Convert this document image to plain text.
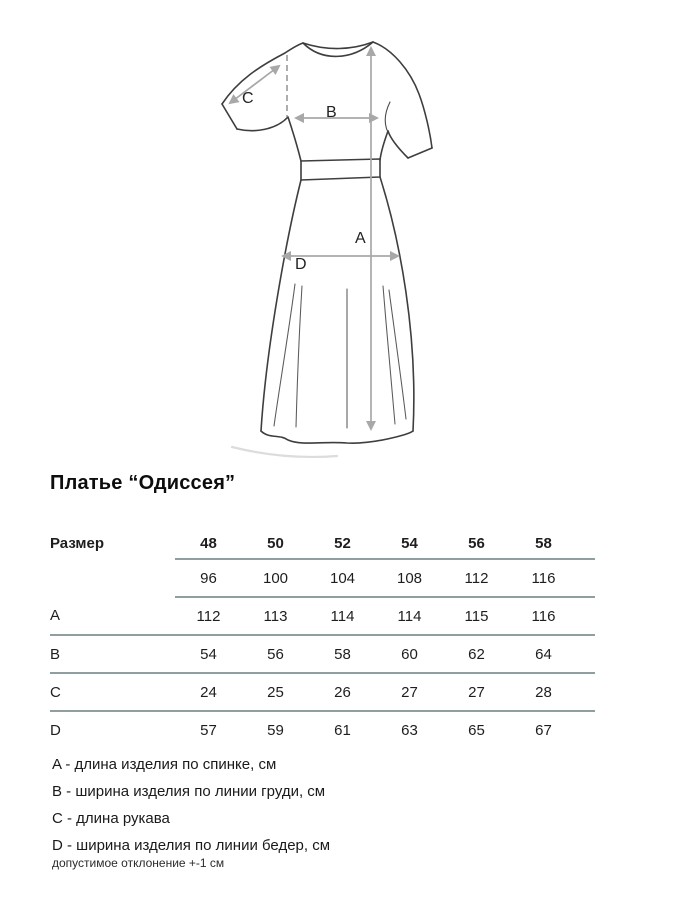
C
B
A
D
Платье “Одиссея”
Размер	48	50	52	54	56	58	
	96	100	104	108	112	116	
A	112	113	114	114	115	116	
B	54	56	58	60	62	64	
C	24	25	26	27	27	28	
D	57	59	61	63	65	67	
A - длина изделия по спинке, см
B - ширина изделия по линии груди, см
C - длина рукава
D - ширина изделия по линии бедер, см
допустимое отклонение +-1 см
